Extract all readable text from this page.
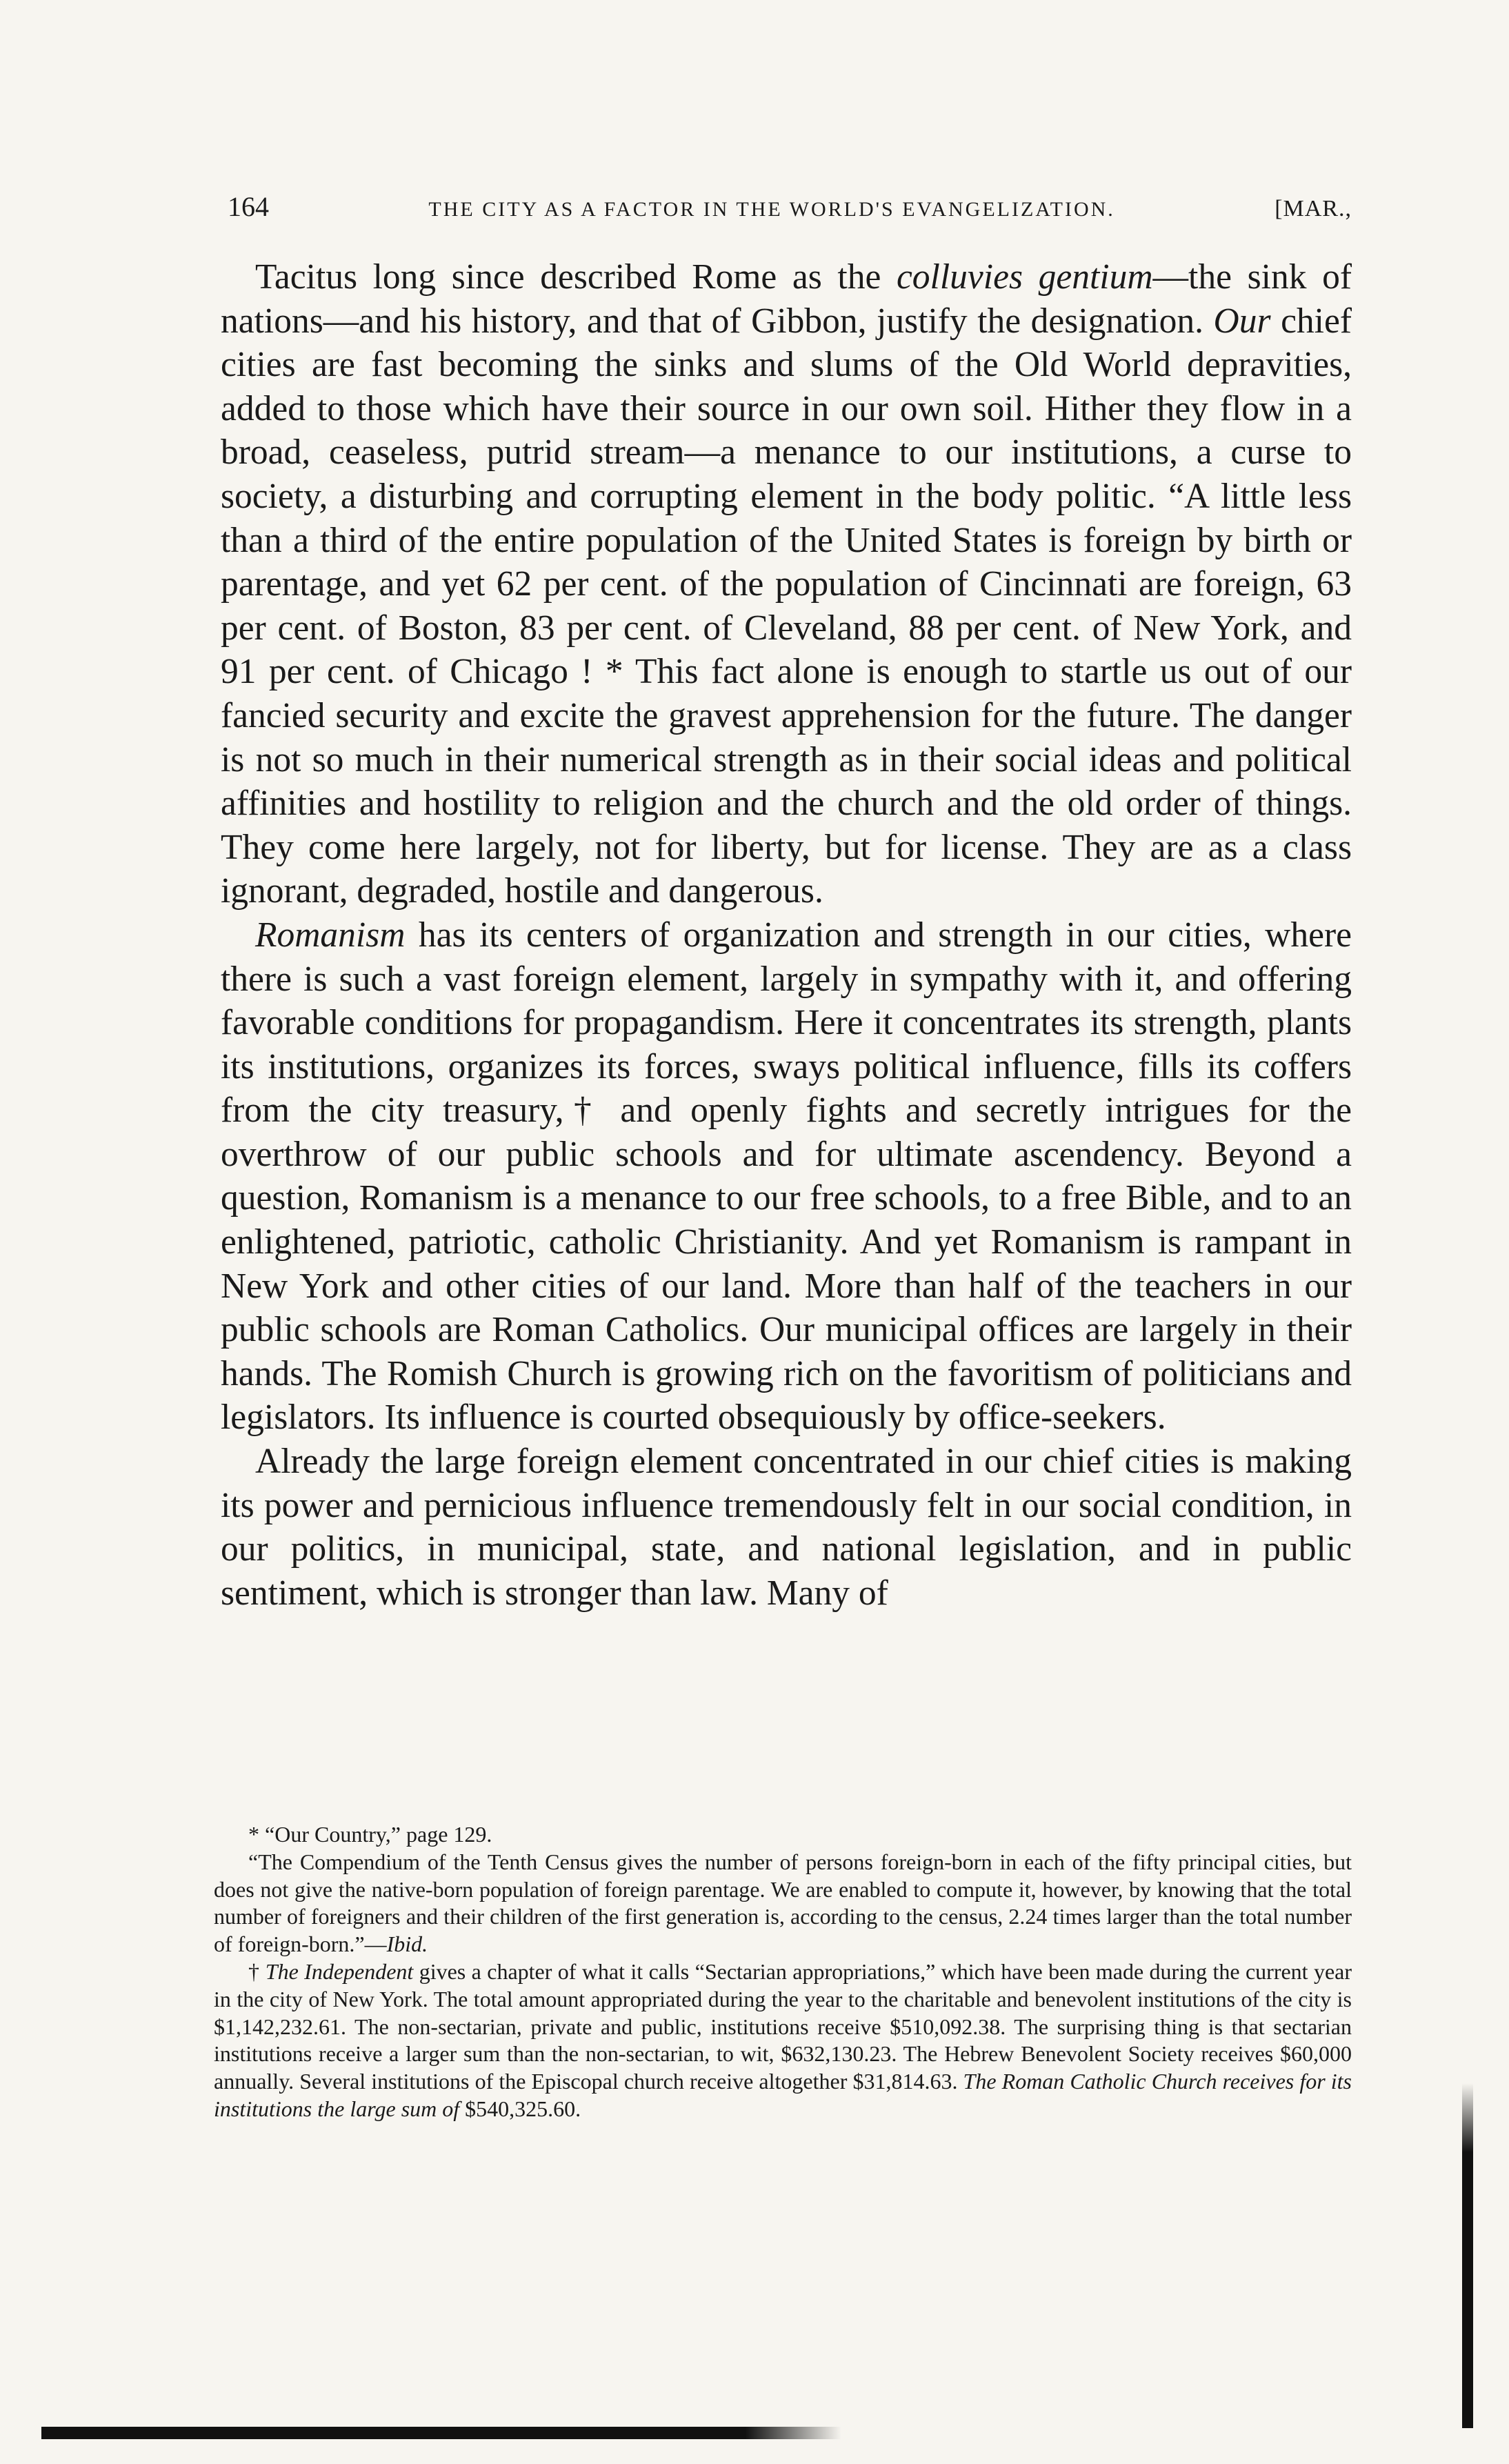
164	THE CITY AS A FACTOR IN THE WORLD'S EVANGELIZATION.	[MAR.,

Tacitus long since described Rome as the colluvies gentium—the sink of nations—and his history, and that of Gibbon, justify the designation. Our chief cities are fast becoming the sinks and slums of the Old World depravities, added to those which have their source in our own soil. Hither they flow in a broad, ceaseless, putrid stream—a menance to our institutions, a curse to society, a disturbing and corrupting element in the body politic. “A little less than a third of the entire population of the United States is foreign by birth or parentage, and yet 62 per cent. of the population of Cincinnati are foreign, 63 per cent. of Boston, 83 per cent. of Cleveland, 88 per cent. of New York, and 91 per cent. of Chicago ! * This fact alone is enough to startle us out of our fancied security and excite the gravest apprehension for the future. The danger is not so much in their numerical strength as in their social ideas and political affinities and hostility to religion and the church and the old order of things. They come here largely, not for liberty, but for license. They are as a class ignorant, degraded, hostile and dangerous.

Romanism has its centers of organization and strength in our cities, where there is such a vast foreign element, largely in sympathy with it, and offering favorable conditions for propagandism. Here it concentrates its strength, plants its institutions, organizes its forces, sways political influence, fills its coffers from the city treasury,† and openly fights and secretly intrigues for the overthrow of our public schools and for ultimate ascendency. Beyond a question, Romanism is a menance to our free schools, to a free Bible, and to an enlightened, patriotic, catholic Christianity. And yet Romanism is rampant in New York and other cities of our land. More than half of the teachers in our public schools are Roman Catholics. Our municipal offices are largely in their hands. The Romish Church is growing rich on the favoritism of politicians and legislators. Its influence is courted obsequiously by office-seekers.

Already the large foreign element concentrated in our chief cities is making its power and pernicious influence tremendously felt in our social condition, in our politics, in municipal, state, and national legislation, and in public sentiment, which is stronger than law. Many of

* “Our Country,” page 129.

“The Compendium of the Tenth Census gives the number of persons foreign-born in each of the fifty principal cities, but does not give the native-born population of foreign parentage. We are enabled to compute it, however, by knowing that the total number of foreigners and their children of the first generation is, according to the census, 2.24 times larger than the total number of foreign-born.”—Ibid.

† The Independent gives a chapter of what it calls “Sectarian appropriations,” which have been made during the current year in the city of New York. The total amount appropriated during the year to the charitable and benevolent institutions of the city is $1,142,232.61. The non-sectarian, private and public, institutions receive $510,092.38. The surprising thing is that sectarian institutions receive a larger sum than the non-sectarian, to wit, $632,130.23. The Hebrew Benevolent Society receives $60,000 annually. Several institutions of the Episcopal church receive altogether $31,814.63. The Roman Catholic Church receives for its institutions the large sum of $540,325.60.
